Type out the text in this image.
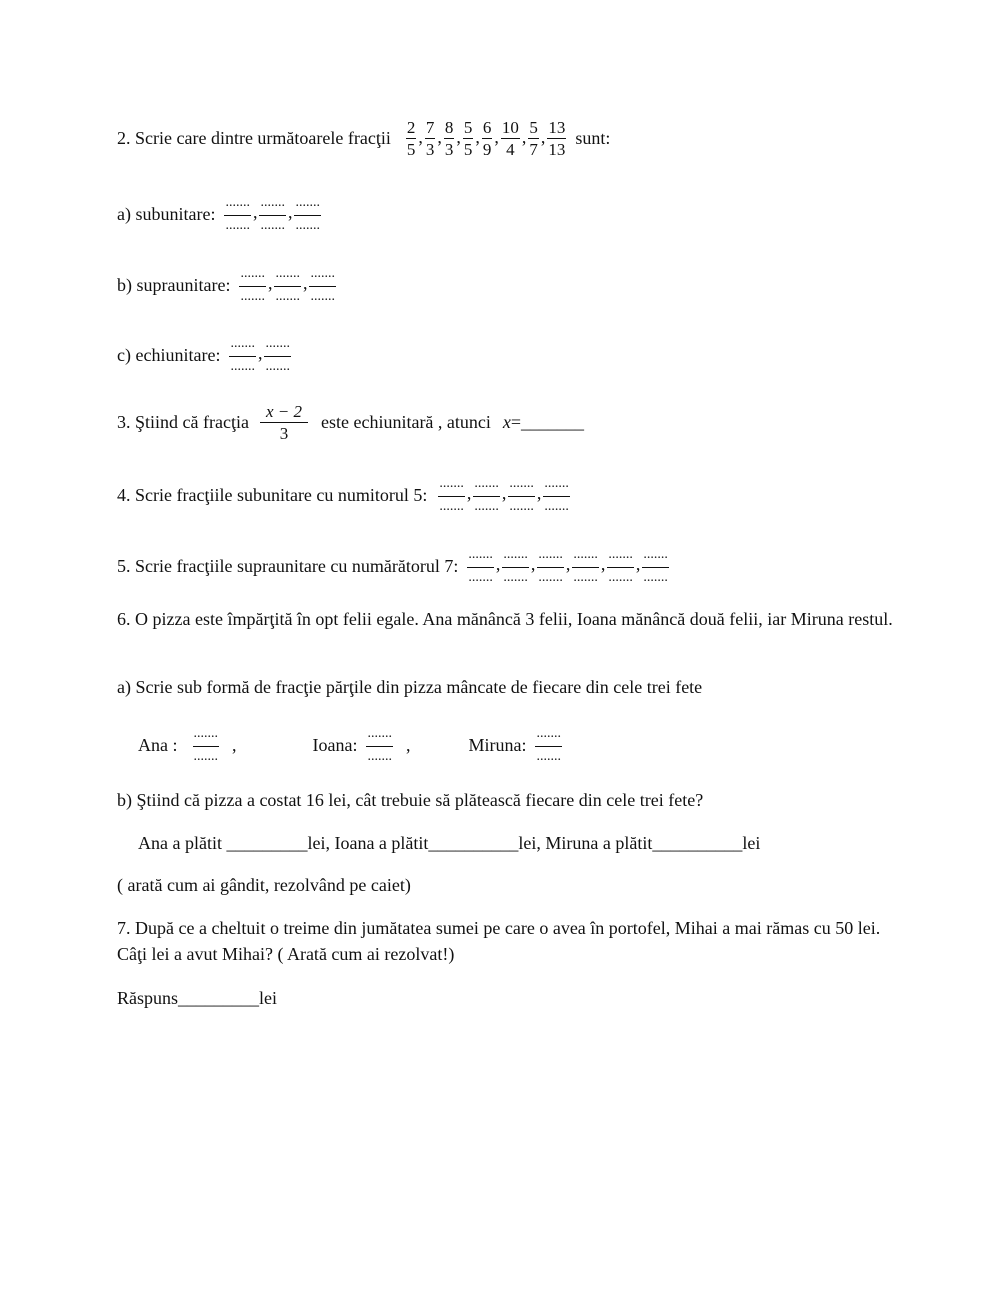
2. Scrie care dintre următoarele fracţii $\frac{2}{5}$ , $\frac{7}{3}$ , $\frac{8}{3}$ , $\frac{5}{5}$ , $\frac{6}{9}$ , $\frac{10}{4}$ , $\frac{5}{7}$ , $\frac{13}{13}$ sunt:
a) subunitare: $\frac{.......}{.......}$ , $\frac{.......}{.......}$ , $\frac{.......}{.......}$
b) supraunitare: $\frac{.......}{.......}$ , $\frac{.......}{.......}$ , $\frac{.......}{.......}$
c) echiunitare: $\frac{.......}{.......}$ , $\frac{.......}{.......}$
3. Ştiind că fracţia $\frac{x - 2}{3}$ este echiunitară , atunci x =_______
4. Scrie fracţiile subunitare cu numitorul 5: $\frac{.......}{.......}$ , $\frac{.......}{.......}$ , $\frac{.......}{.......}$ , $\frac{.......}{.......}$
5. Scrie fracţiile supraunitare cu numărătorul 7: $\frac{.......}{.......}$ , $\frac{.......}{.......}$ , $\frac{.......}{.......}$ , $\frac{.......}{.......}$ , $\frac{.......}{.......}$ , $\frac{.......}{.......}$
6. O pizza este împărţită în opt felii egale. Ana mănâncă 3 felii, Ioana mănâncă două felii, iar Miruna restul.
a) Scrie sub formă de fracţie părţile din pizza mâncate de fiecare din cele trei fete
Ana : $\frac{.......}{.......}$ ,	Ioana: $\frac{.......}{.......}$ ,	Miruna: $\frac{.......}{.......}$
b) Ştiind că pizza a costat 16 lei, cât trebuie să plătească fiecare din cele trei fete?
Ana a plătit _________lei, Ioana a plătit__________lei, Miruna a plătit__________lei
( arată cum ai gândit, rezolvând pe caiet)
7. După ce a cheltuit o treime din jumătatea sumei pe care o avea în portofel, Mihai a mai rămas cu 50 lei. Câţi lei a avut Mihai? ( Arată cum ai rezolvat!)
Răspuns_________lei
